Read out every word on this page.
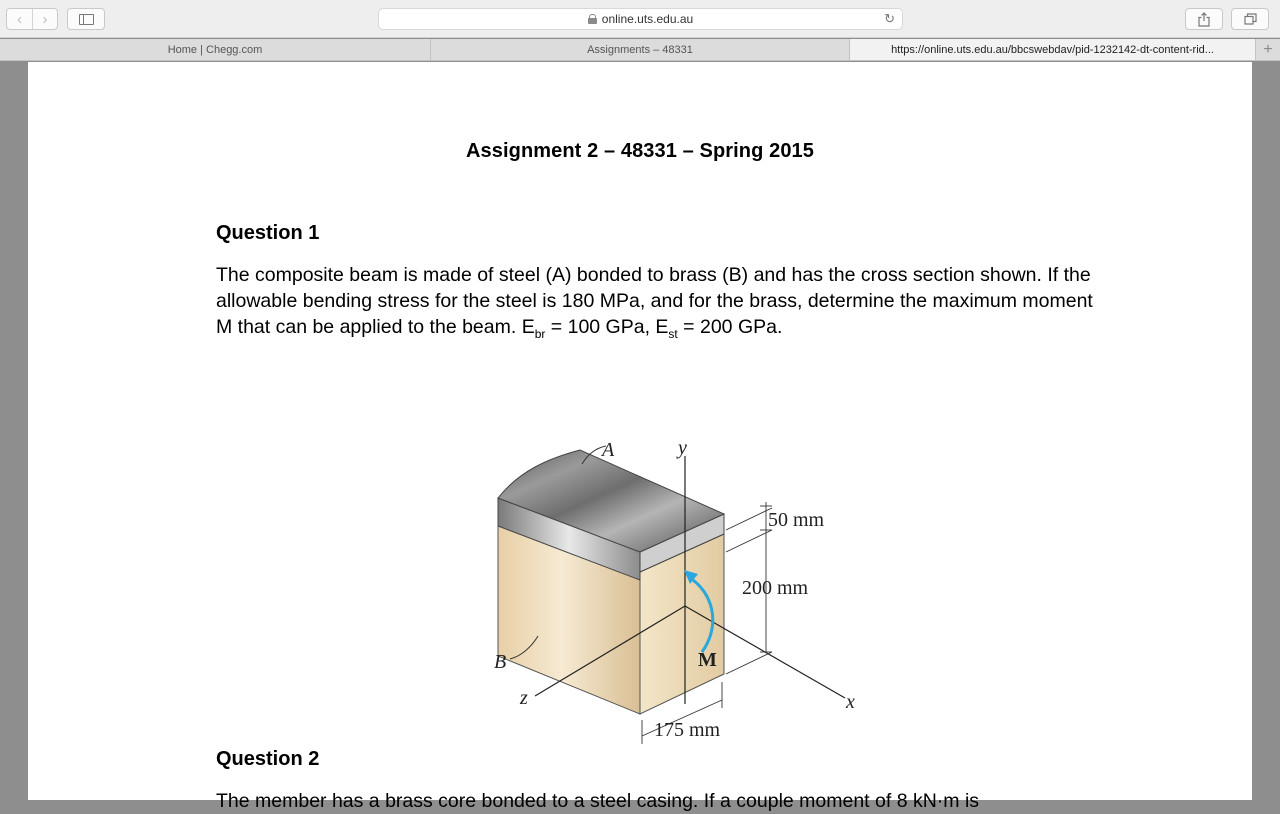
‹ ›	online.uts.edu.au	↻
Home | Chegg.com	Assignments – 48331	https://online.uts.edu.au/bbcswebdav/pid-1232142-dt-content-rid...	+
Assignment 2 – 48331 – Spring 2015
Question 1
The composite beam is made of steel (A) bonded to brass (B) and has the cross section shown. If the allowable bending stress for the steel is 180 MPa, and for the brass, determine the maximum moment M that can be applied to the beam. $E_{br} = 100$ GPa, $E_{st} = 200$ GPa.
A	y
50 mm
200 mm
B	M
z	x
175 mm
Question 2
The member has a brass core bonded to a steel casing. If a couple moment of 8 kN·m is
